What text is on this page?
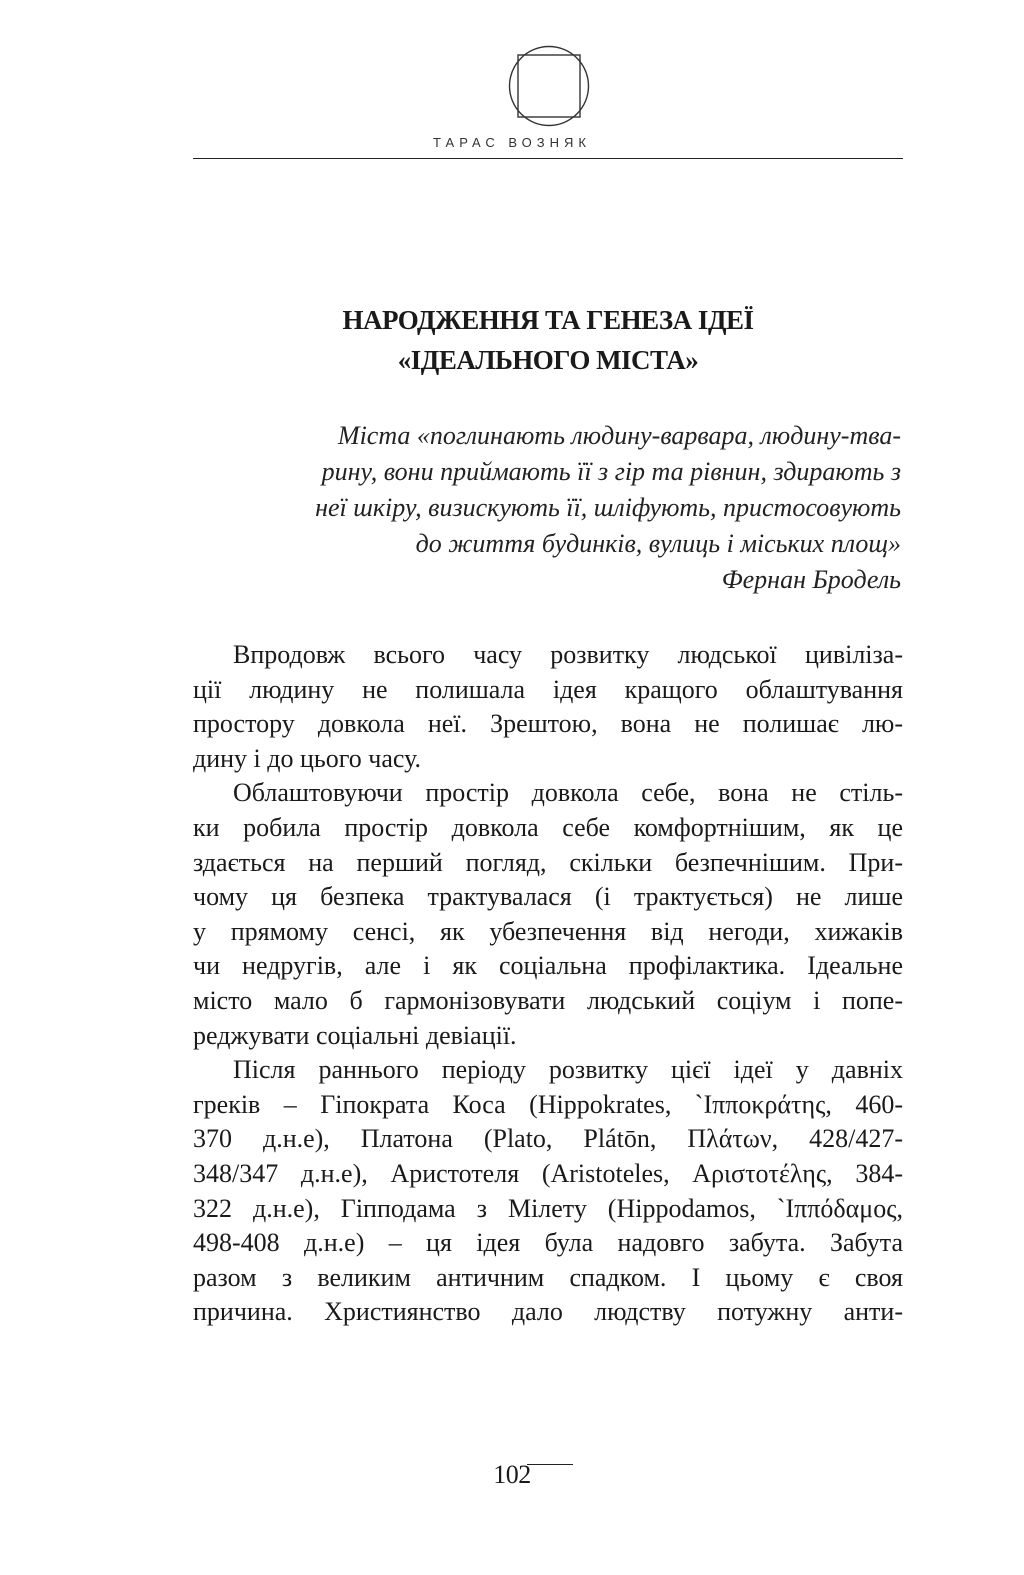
ТАРАС ВОЗНЯК
НАРОДЖЕННЯ ТА ГЕНЕЗА ІДЕЇ
«ІДЕАЛЬНОГО МІСТА»
Міста «поглинають людину-варвара, людину-тва-
рину, вони приймають її з гір та рівнин, здирають з
неї шкіру, визискують її, шліфують, пристосовують
до життя будинків, вулиць і міських площ»
Фернан Бродель
Впродовж всього часу розвитку людської цивіліза-
ції людину не полишала ідея кращого облаштування
простору довкола неї. Зрештою, вона не полишає лю-
дину і до цього часу.
Облаштовуючи простір довкола себе, вона не стіль-
ки робила простір довкола себе комфортнішим, як це
здається на перший погляд, скільки безпечнішим. При-
чому ця безпека трактувалася (і трактується) не лише
у прямому сенсі, як убезпечення від негоди, хижаків
чи недругів, але і як соціальна профілактика. Ідеальне
місто мало б гармонізовувати людський соціум і попе-
реджувати соціальні девіації.
Після раннього періоду розвитку цієї ідеї у давніх
греків – Гіпократа Коса (Hippokrates, `Ιπποκράτης, 460-
370 д.н.е), Платона (Plato, Plátōn, Πλάτων, 428/427-
348/347 д.н.е), Аристотеля (Aristoteles, Αριστοτέλης, 384-
322 д.н.е), Гіпподама з Мілету (Hippodamos, `Ιππόδαμος,
498-408 д.н.е) – ця ідея була надовго забута. Забута
разом з великим античним спадком. І цьому є своя
причина. Християнство дало людству потужну анти-
102
